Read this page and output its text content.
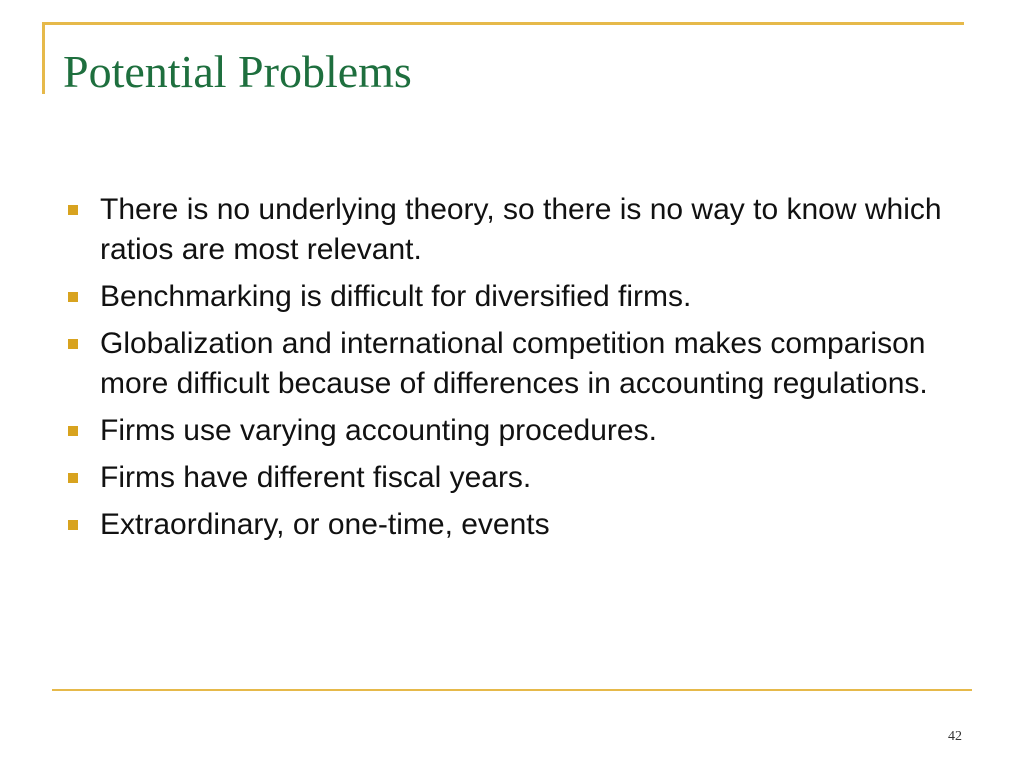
Potential Problems
There is no underlying theory, so there is no way to know which ratios are most relevant.
Benchmarking is difficult for diversified firms.
Globalization and international competition makes comparison more difficult because of differences in accounting regulations.
Firms use varying accounting procedures.
Firms have different fiscal years.
Extraordinary, or one-time, events
42
